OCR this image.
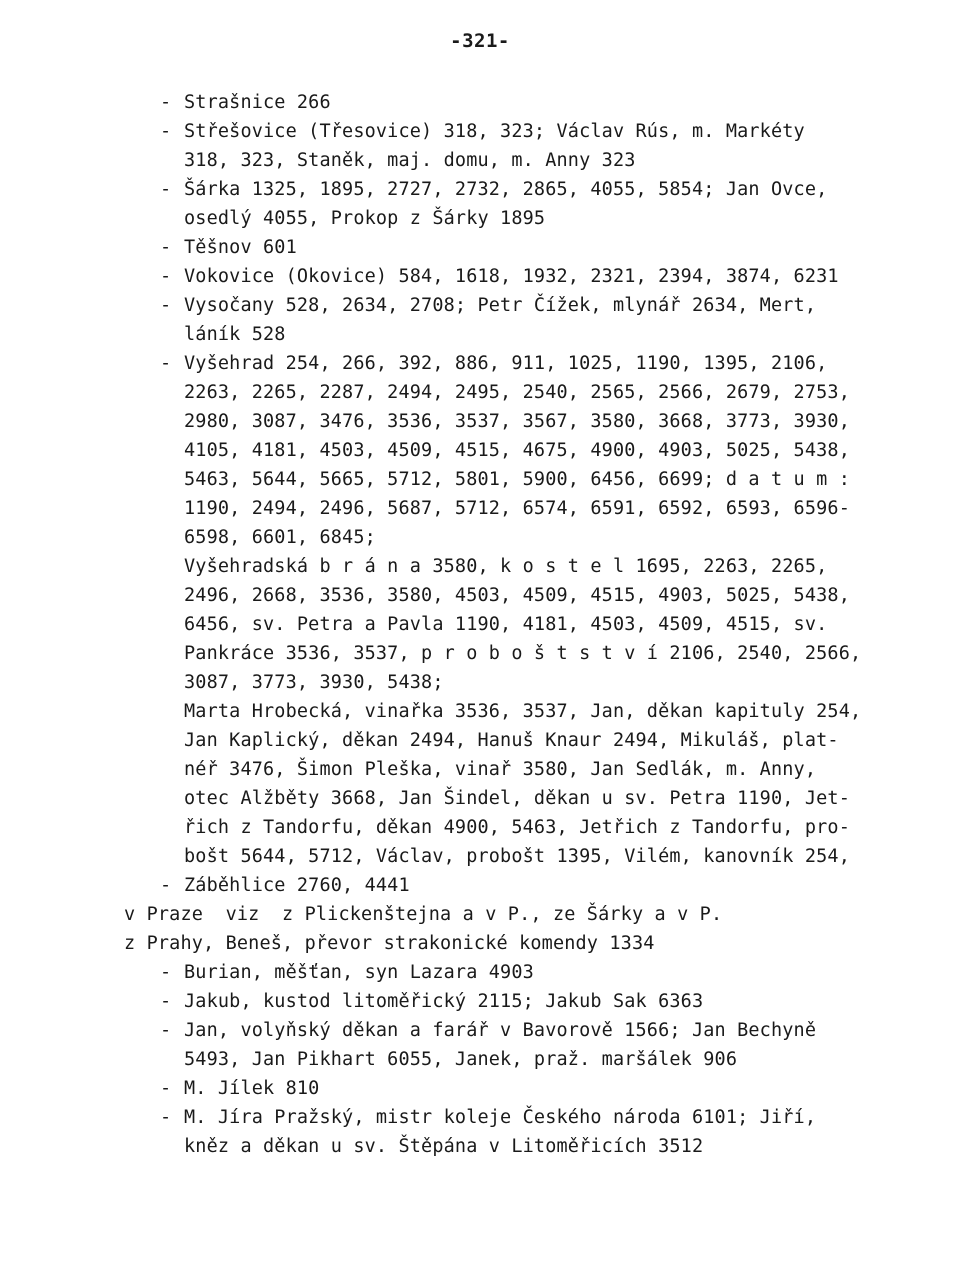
-321-
- Strašnice 266
- Střešovice (Třesovice) 318, 323; Václav Rús, m. Markéty
318, 323, Staněk, maj. domu, m. Anny 323
- Šárka 1325, 1895, 2727, 2732, 2865, 4055, 5854; Jan Ovce,
osedlý 4055, Prokop z Šárky 1895
- Těšnov 601
- Vokovice (Okovice) 584, 1618, 1932, 2321, 2394, 3874, 6231
- Vysočany 528, 2634, 2708; Petr Čížek, mlynář 2634, Mert,
láník 528
- Vyšehrad 254, 266, 392, 886, 911, 1025, 1190, 1395, 2106,
2263, 2265, 2287, 2494, 2495, 2540, 2565, 2566, 2679, 2753,
2980, 3087, 3476, 3536, 3537, 3567, 3580, 3668, 3773, 3930,
4105, 4181, 4503, 4509, 4515, 4675, 4900, 4903, 5025, 5438,
5463, 5644, 5665, 5712, 5801, 5900, 6456, 6699; d a t u m :
1190, 2494, 2496, 5687, 5712, 6574, 6591, 6592, 6593, 6596-
6598, 6601, 6845;
Vyšehradská b r á n a 3580, k o s t e l 1695, 2263, 2265,
2496, 2668, 3536, 3580, 4503, 4509, 4515, 4903, 5025, 5438,
6456, sv. Petra a Pavla 1190, 4181, 4503, 4509, 4515, sv.
Pankráce 3536, 3537, p r o b o š t s t v í 2106, 2540, 2566,
3087, 3773, 3930, 5438;
Marta Hrobecká, vinařka 3536, 3537, Jan, děkan kapituly 254,
Jan Kaplický, děkan 2494, Hanuš Knaur 2494, Mikuláš, plat-
néř 3476, Šimon Pleška, vinař 3580, Jan Sedlák, m. Anny,
otec Alžběty 3668, Jan Šindel, děkan u sv. Petra 1190, Jet-
řich z Tandorfu, děkan 4900, 5463, Jetřich z Tandorfu, pro-
bošt 5644, 5712, Václav, probošt 1395, Vilém, kanovník 254,
- Záběhlice 2760, 4441
v Praze  viz  z Plickenštejna a v P., ze Šárky a v P.
z Prahy, Beneš, převor strakonické komendy 1334
- Burian, měšťan, syn Lazara 4903
- Jakub, kustod litoměřický 2115; Jakub Sak 6363
- Jan, volyňský děkan a farář v Bavorově 1566; Jan Bechyně
5493, Jan Pikhart 6055, Janek, praž. maršálek 906
- M. Jílek 810
- M. Jíra Pražský, mistr koleje Českého národa 6101; Jiří,
kněz a děkan u sv. Štěpána v Litoměřicích 3512
